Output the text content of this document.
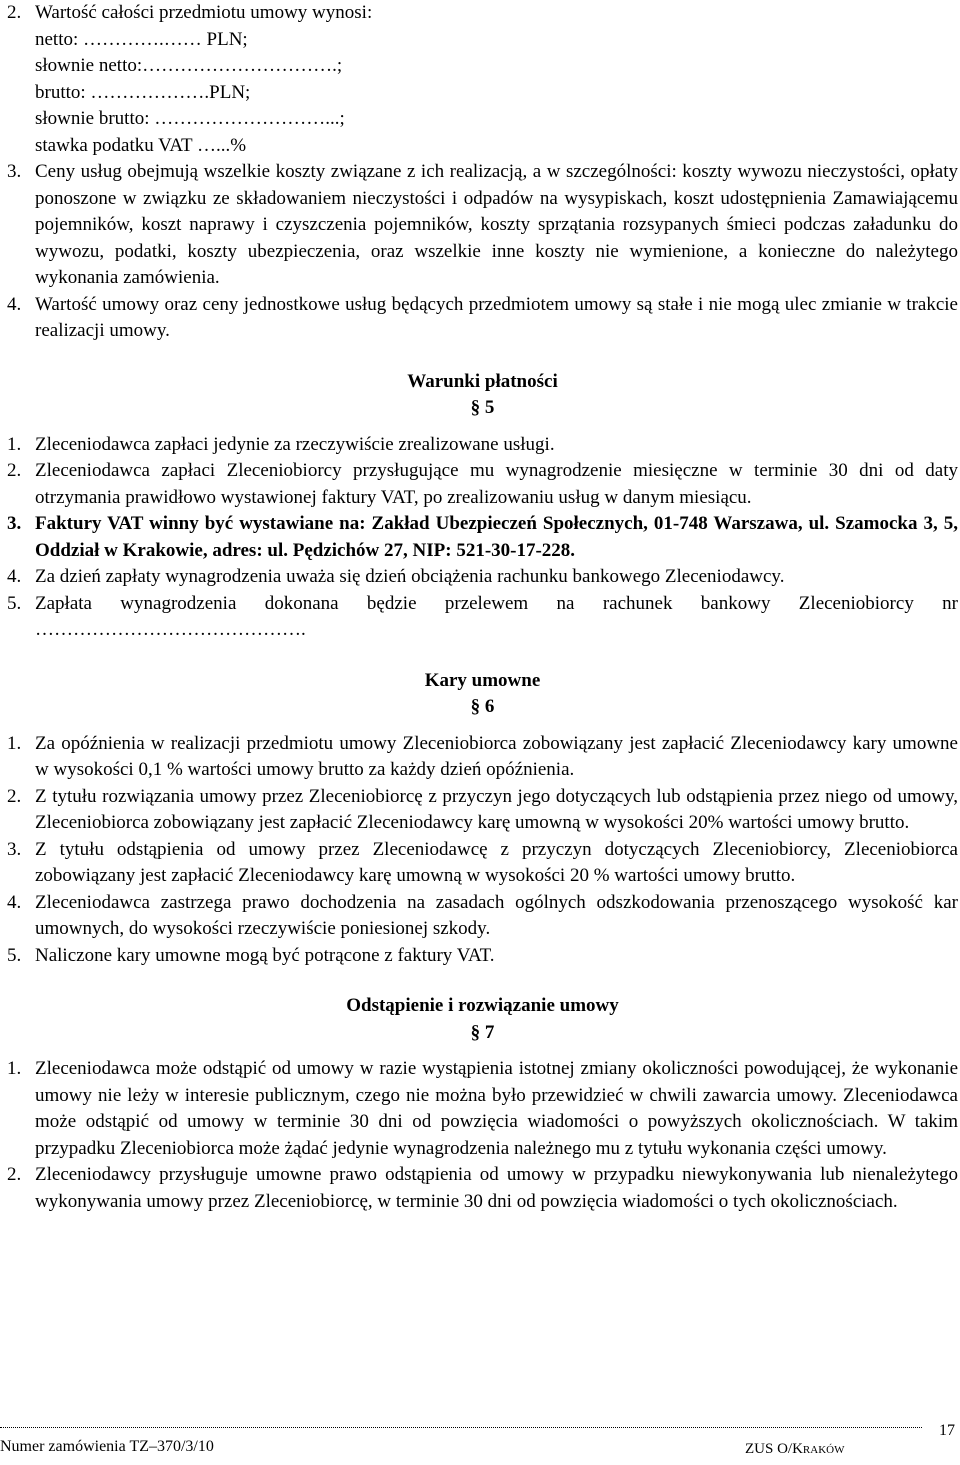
2. Wartość całości przedmiotu umowy wynosi:
netto: ………….…… PLN;
słownie netto:………………………….;
brutto: ……………….PLN;
słownie brutto: ………………………...;
stawka podatku VAT …...%
3. Ceny usług obejmują wszelkie koszty związane z ich realizacją, a w szczególności: koszty wywozu nieczystości, opłaty ponoszone w związku ze składowaniem nieczystości i odpadów na wysypiskach, koszt udostępnienia Zamawiającemu pojemników, koszt naprawy i czyszczenia pojemników, koszty sprzątania rozsypanych śmieci podczas załadunku do wywozu, podatki, koszty ubezpieczenia, oraz wszelkie inne koszty nie wymienione, a konieczne do należytego wykonania zamówienia.
4. Wartość umowy oraz ceny jednostkowe usług będących przedmiotem umowy są stałe i nie mogą ulec zmianie w trakcie realizacji umowy.
Warunki płatności
§ 5
1. Zleceniodawca zapłaci jedynie za rzeczywiście zrealizowane usługi.
2. Zleceniodawca zapłaci Zleceniobiorcy przysługujące mu wynagrodzenie miesięczne w terminie 30 dni od daty otrzymania prawidłowo wystawionej faktury VAT, po zrealizowaniu usług w danym miesiącu.
3. Faktury VAT winny być wystawiane na: Zakład Ubezpieczeń Społecznych, 01-748 Warszawa, ul. Szamocka 3, 5, Oddział w Krakowie, adres: ul. Pędzichów 27, NIP: 521-30-17-228.
4. Za dzień zapłaty wynagrodzenia uważa się dzień obciążenia rachunku bankowego Zleceniodawcy.
5. Zapłata wynagrodzenia dokonana będzie przelewem na rachunek bankowy Zleceniobiorcy nr …………………………………….
Kary umowne
§ 6
1. Za opóźnienia w realizacji przedmiotu umowy Zleceniobiorca zobowiązany jest zapłacić Zleceniodawcy kary umowne w wysokości 0,1 % wartości umowy brutto za każdy dzień opóźnienia.
2. Z tytułu rozwiązania umowy przez Zleceniobiorcę z przyczyn jego dotyczących lub odstąpienia przez niego od umowy, Zleceniobiorca zobowiązany jest zapłacić Zleceniodawcy karę umowną w wysokości 20% wartości umowy brutto.
3. Z tytułu odstąpienia od umowy przez Zleceniodawcę z przyczyn dotyczących Zleceniobiorcy, Zleceniobiorca zobowiązany jest zapłacić Zleceniodawcy karę umowną w wysokości 20 % wartości umowy brutto.
4. Zleceniodawca zastrzega prawo dochodzenia na zasadach ogólnych odszkodowania przenoszącego wysokość kar umownych, do wysokości rzeczywiście poniesionej szkody.
5. Naliczone kary umowne mogą być potrącone z faktury VAT.
Odstąpienie i rozwiązanie umowy
§ 7
1. Zleceniodawca może odstąpić od umowy w razie wystąpienia istotnej zmiany okoliczności powodującej, że wykonanie umowy nie leży w interesie publicznym, czego nie można było przewidzieć w chwili zawarcia umowy. Zleceniodawca może odstąpić od umowy w terminie 30 dni od powzięcia wiadomości o powyższych okolicznościach. W takim przypadku Zleceniobiorca może żądać jedynie wynagrodzenia należnego mu z tytułu wykonania części umowy.
2. Zleceniodawcy przysługuje umowne prawo odstąpienia od umowy w przypadku niewykonywania lub nienależytego wykonywania umowy przez Zleceniobiorcę, w terminie 30 dni od powzięcia wiadomości o tych okolicznościach.
Numer zamówienia TZ–370/3/10	ZUS O/Kraków
17
